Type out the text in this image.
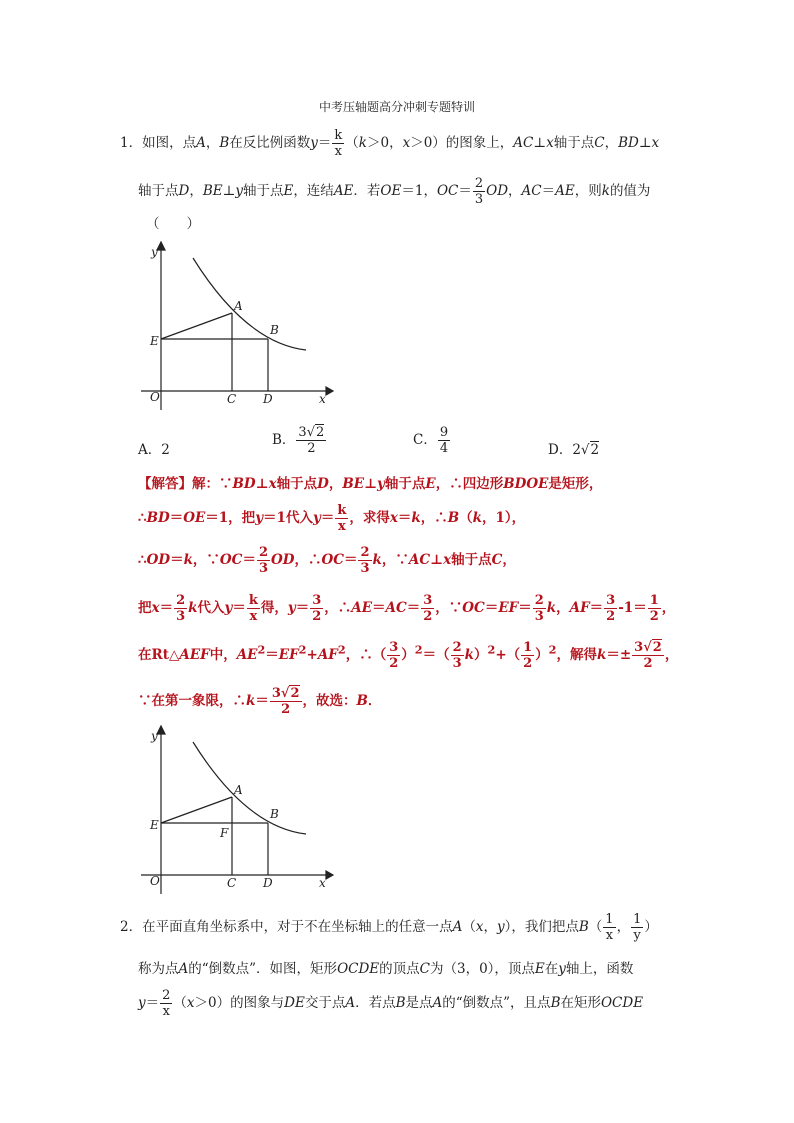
中考压轴题高分冲刺专题特训
1．如图，点A，B在反比例函数$y= \frac{k}{x} (k>0$，x＞0）的图象上，AC⊥x轴于点C，BD⊥x
轴于点D，BE⊥y轴于点E，连结AE．若OE＝1，$OC= \frac{2}{3}$ OD，AC＝AE，则k的值为
（　　）
y
A
B
E
O	C D	x
A．2
B． $\frac{3√2}{2}$	C． $\frac{9}{4}$	D．2√2
【解答】解：∵BD⊥x轴于点D，BE⊥y轴于点E，∴四边形BDOE是矩形，
∴BD＝OE＝1，把y＝1代入$y= \frac{k}{x}$ ，求得x＝k，∴B（k，1），
∴OD＝k，∵OC＝ $\frac{2}{3}$ OD，∴OC＝ $\frac{2}{3}$ k，∵AC⊥x轴于点C，
把$x= \frac{2}{3}$ k代入$y= \frac{k}{x}$ 得，$y= \frac{3}{2}$ ，∴AE＝AC＝ $\frac{3}{2}$ ，∵OC＝EF＝ $\frac{2}{3}$ k，$AF= \frac{3}{2} -1= \frac{1}{2}$ ，
在Rt△AEF中，$AE^2=EF^2+AF^2$，∴（ $\frac{3}{2} )^2=( \frac{2}{3} k)^2+( \frac{1}{2} )^2$，解得$k=\pm \frac{3√2}{2}$ ，
∵在第一象限，∴k＝ $\frac{3√2}{2}$ ，故选：B．
y
A
B
E
F
O	C D	x
2．在平面直角坐标系中，对于不在坐标轴上的任意一点A（x，y），我们把点$B( \frac{1}{x}$ ， $\frac{1}{y}$ ）
称为点A的“倒数点”．如图，矩形OCDE的顶点C为（3，0），顶点E在y轴上，函数
$y= \frac{2}{x} (x>0)$的图象与DE交于点A．若点B是点A的“倒数点”，且点B在矩形OCDE
